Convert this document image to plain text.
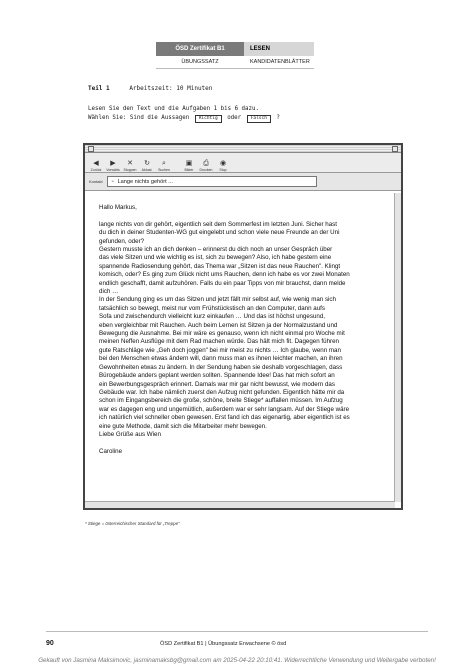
ÖSD Zertifikat B1	LESEN
ÜBUNGSSATZ	KANDIDATENBLÄTTER
Teil 1	Arbeitszeit: 10 Minuten
Lesen Sie den Text und die Aufgaben 1 bis 6 dazu.
Wählen Sie: Sind die Aussagen Richtig oder Falsch ?
◀
Zurück
▶
Vorwärts
✕
Stoppen
↻
Aktual.
⌕
Suchen
▣
Bilder
⎙
Drucken
◉
Stop
Kontakt ▫ Lange nichts gehört ...

Hallo Markus,

lange nichts von dir gehört, eigentlich seit dem Sommerfest im letzten Juni. Sicher hast
du dich in deiner Studenten-WG gut eingelebt und schon viele neue Freunde an der Uni
gefunden, oder?
Gestern musste ich an dich denken – erinnerst du dich noch an unser Gespräch über
das viele Sitzen und wie wichtig es ist, sich zu bewegen? Also, ich habe gestern eine
spannende Radiosendung gehört, das Thema war „Sitzen ist das neue Rauchen". Klingt
komisch, oder? Es ging zum Glück nicht ums Rauchen, denn ich habe es vor zwei Monaten
endlich geschafft, damit aufzuhören. Falls du ein paar Tipps von mir brauchst, dann melde
dich …
In der Sendung ging es um das Sitzen und jetzt fällt mir selbst auf, wie wenig man sich
tatsächlich so bewegt, meist nur vom Frühstückstisch an den Computer, dann aufs
Sofa und zwischendurch vielleicht kurz einkaufen … Und das ist höchst ungesund,
eben vergleichbar mit Rauchen. Auch beim Lernen ist Sitzen ja der Normalzustand und
Bewegung die Ausnahme. Bei mir wäre es genauso, wenn ich nicht einmal pro Woche mit
meinen Neffen Ausflüge mit dem Rad machen würde. Das hält mich fit. Dagegen führen
gute Ratschläge wie „Geh doch joggen" bei mir meist zu nichts … Ich glaube, wenn man
bei den Menschen etwas ändern will, dann muss man es ihnen leichter machen, an ihren
Gewohnheiten etwas zu ändern. In der Sendung haben sie deshalb vorgeschlagen, dass
Bürogebäude anders geplant werden sollten. Spannende Idee! Das hat mich sofort an
ein Bewerbungsgespräch erinnert. Damals war mir gar nicht bewusst, wie modern das
Gebäude war. Ich habe nämlich zuerst den Aufzug nicht gefunden. Eigentlich hätte mir da
schon im Eingangsbereich die große, schöne, breite Stiege* auffallen müssen. Im Aufzug
war es dagegen eng und ungemütlich, außerdem war er sehr langsam. Auf der Stiege wäre
ich natürlich viel schneller oben gewesen. Erst fand ich das eigenartig, aber eigentlich ist es
eine gute Methode, damit sich die Mitarbeiter mehr bewegen.
Liebe Grüße aus Wien

Caroline

* Stiege = österreichischer Standard für „Treppe"
90	ÖSD Zertifikat B1 | Übungssatz Erwachsene © ösd
Gekauft von Jasmina Maksimovic, jasminamaksbg@gmail.com am 2025-04-22 20:10:41. Widerrechtliche Verwendung und Weitergabe verboten!
